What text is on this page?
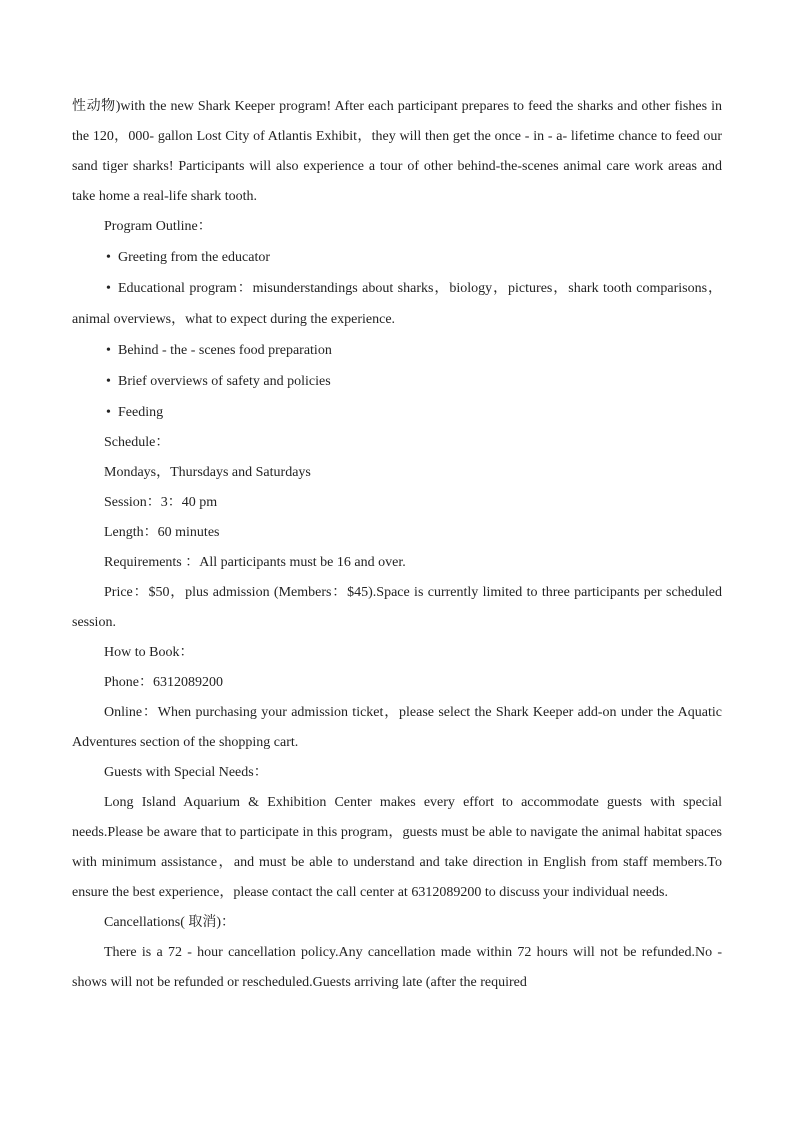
性动物)with the new Shark Keeper program! After each participant prepares to feed the sharks and other fishes in the 120，000- gallon Lost City of Atlantis Exhibit，they will then get the once - in - a- lifetime chance to feed our sand tiger sharks! Participants will also experience a tour of other behind-the-scenes animal care work areas and take home a real-life shark tooth.

Program Outline：

• Greeting from the educator

• Educational program：misunderstandings about sharks，biology，pictures，shark tooth comparisons，animal overviews，what to expect during the experience.

• Behind - the - scenes food preparation

• Brief overviews of safety and policies

• Feeding

Schedule：

Mondays，Thursdays and Saturdays

Session：3：40 pm

Length：60 minutes

Requirements ：All participants must be 16 and over.

Price：$50，plus admission (Members：$45).Space is currently limited to three participants per scheduled session.

How to Book：

Phone：6312089200

Online：When purchasing your admission ticket，please select the Shark Keeper add-on under the Aquatic Adventures section of the shopping cart.

Guests with Special Needs：

Long Island Aquarium & Exhibition Center makes every effort to accommodate guests with special needs.Please be aware that to participate in this program，guests must be able to navigate the animal habitat spaces with minimum assistance，and must be able to understand and take direction in English from staff members.To ensure the best experience，please contact the call center at 6312089200 to discuss your individual needs.

Cancellations( 取消)：

There is a 72 - hour cancellation policy.Any cancellation made within 72 hours will not be refunded.No - shows will not be refunded or rescheduled.Guests arriving late (after the required
